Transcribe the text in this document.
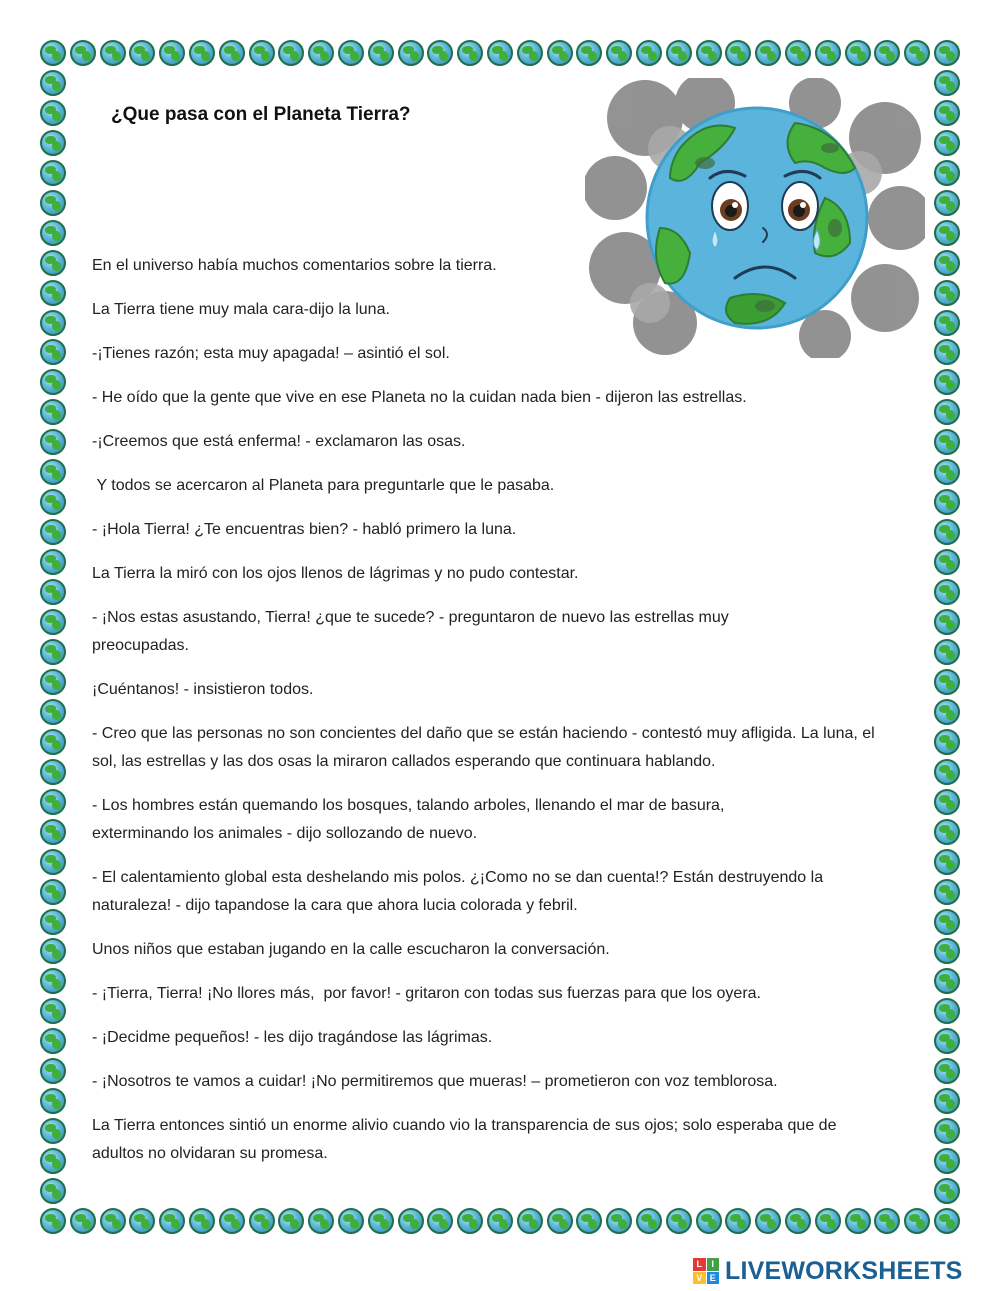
¿Que pasa con el Planeta Tierra?

En el universo había muchos comentarios sobre la tierra.

La Tierra tiene muy mala cara-dijo la luna.

-¡Tienes razón; esta muy apagada! – asintió el sol.

- He oído que la gente que vive en ese Planeta no la cuidan nada bien - dijeron las estrellas.

-¡Creemos que está enferma! - exclamaron las osas.

Y todos se acercaron al Planeta para preguntarle que le pasaba.

- ¡Hola Tierra! ¿Te encuentras bien? - habló primero la luna.

La Tierra la miró con los ojos llenos de lágrimas y no pudo contestar.

- ¡Nos estas asustando, Tierra! ¿que te sucede? - preguntaron de nuevo las estrellas muy preocupadas.

¡Cuéntanos! - insistieron todos.

- Creo que las personas no son concientes del daño que se están haciendo - contestó muy afligida. La luna, el sol, las estrellas y las dos osas la miraron callados esperando que continuara hablando.

- Los hombres están quemando los bosques, talando arboles, llenando el mar de basura, exterminando los animales - dijo sollozando de nuevo.

- El calentamiento global esta deshelando mis polos. ¿¡Como no se dan cuenta!? Están destruyendo la naturaleza! - dijo tapandose la cara que ahora lucia colorada y febril.

Unos niños que estaban jugando en la calle escucharon la conversación.

- ¡Tierra, Tierra! ¡No llores más,  por favor! - gritaron con todas sus fuerzas para que los oyera.

- ¡Decidme pequeños! - les dijo tragándose las lágrimas.

- ¡Nosotros te vamos a cuidar! ¡No permitiremos que mueras! – prometieron con voz temblorosa.

La Tierra entonces sintió un enorme alivio cuando vio la transparencia de sus ojos; solo esperaba que de adultos no olvidaran su promesa.

L	I
V E LIVEWORKSHEETS
